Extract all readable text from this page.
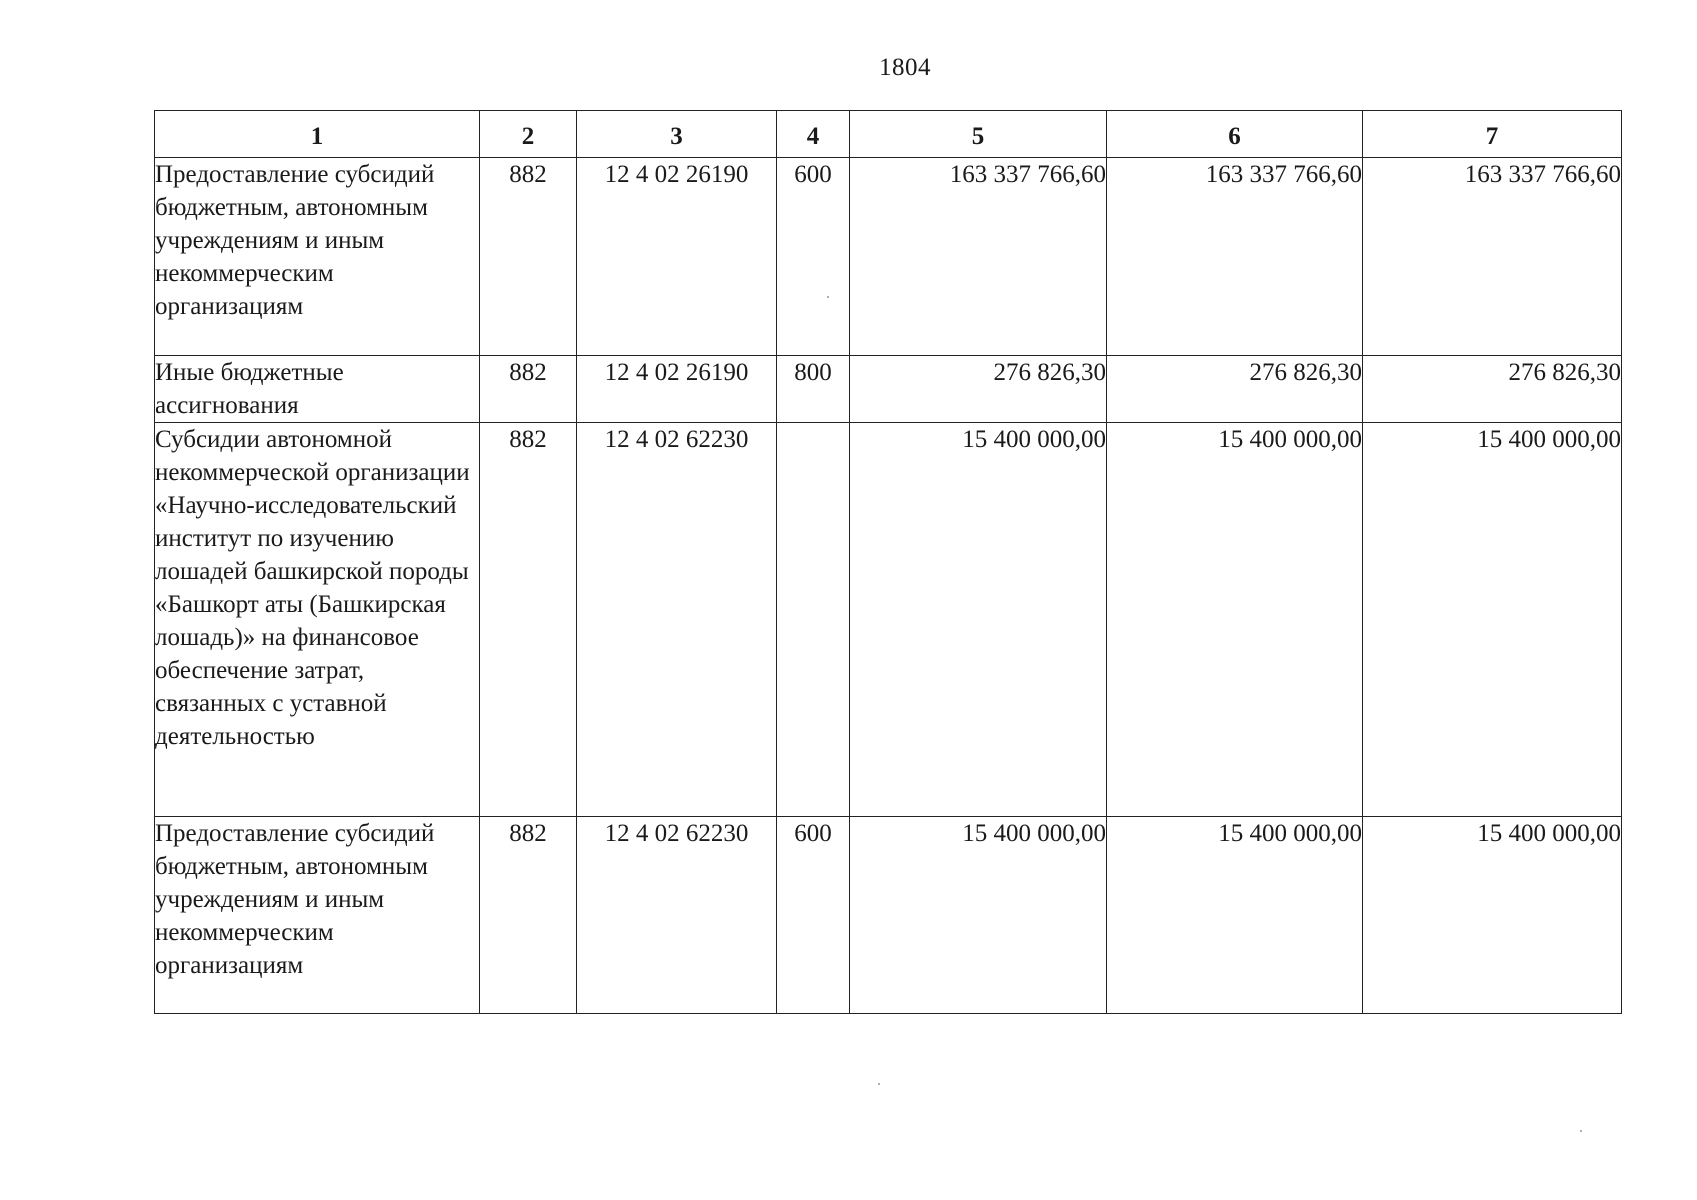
1804
1	2	3	4	5	6	7
Предоставление субсидий бюджетным, автономным учреждениям и иным некоммерческим организациям	882	12 4 02 26190	600	163 337 766,60	163 337 766,60	163 337 766,60
Иные бюджетные ассигнования	882	12 4 02 26190	800	276 826,30	276 826,30	276 826,30
Субсидии автономной некоммерческой организации «Научно-исследовательский институт по изучению лошадей башкирской породы «Башкорт аты (Башкирская лошадь)» на финансовое обеспечение затрат, связанных с уставной деятельностью	882	12 4 02 62230		15 400 000,00	15 400 000,00	15 400 000,00
Предоставление субсидий бюджетным, автономным учреждениям и иным некоммерческим организациям	882	12 4 02 62230	600	15 400 000,00	15 400 000,00	15 400 000,00
